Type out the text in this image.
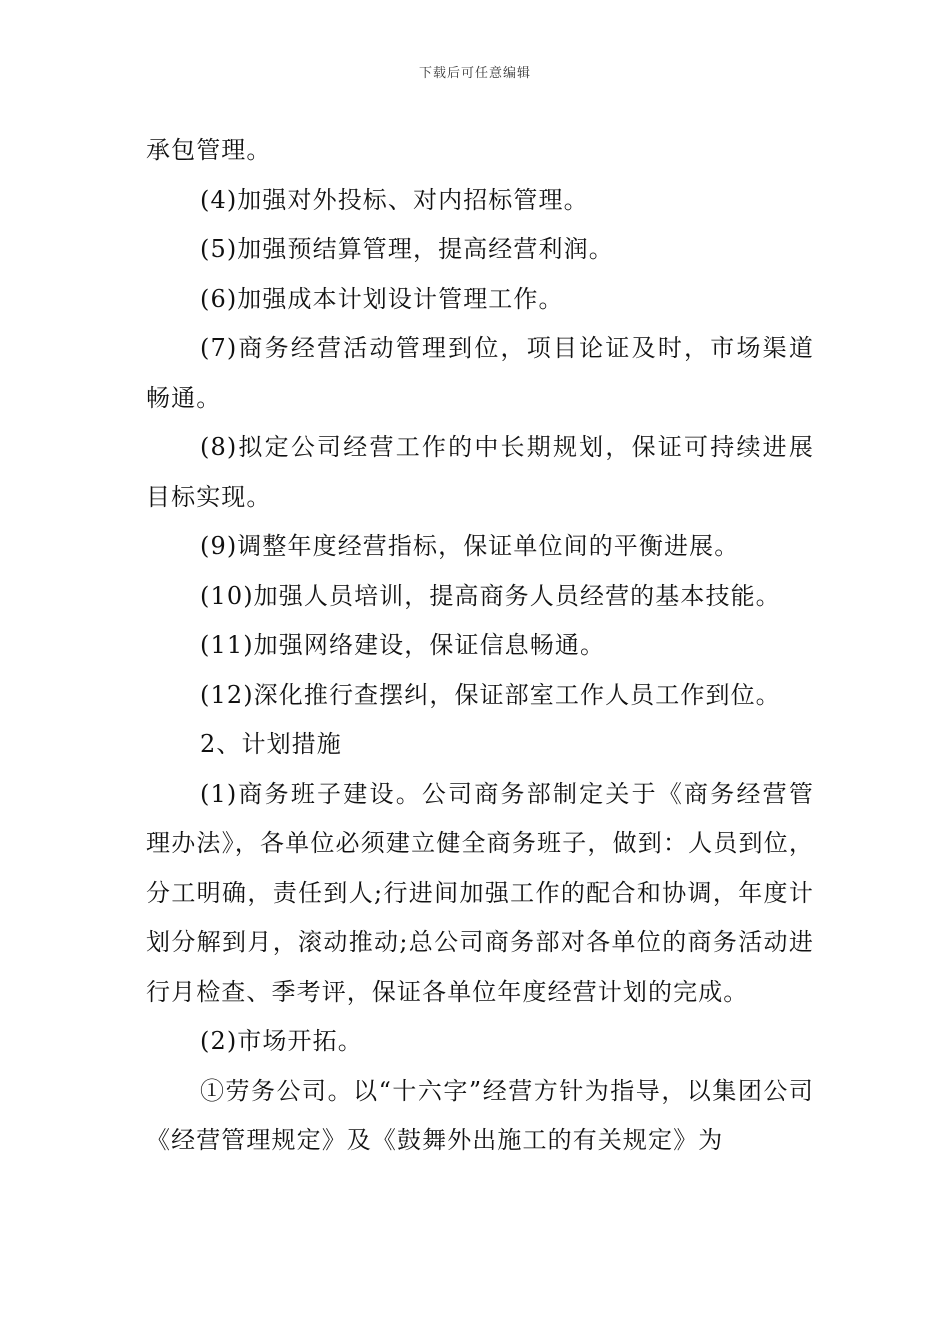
下载后可任意编辑

承包管理。

(4)加强对外投标、对内招标管理。

(5)加强预结算管理，提高经营利润。

(6)加强成本计划设计管理工作。

(7)商务经营活动管理到位，项目论证及时，市场渠道畅通。

(8)拟定公司经营工作的中长期规划，保证可持续进展目标实现。

(9)调整年度经营指标，保证单位间的平衡进展。

(10)加强人员培训，提高商务人员经营的基本技能。

(11)加强网络建设，保证信息畅通。

(12)深化推行查摆纠，保证部室工作人员工作到位。

2、计划措施

(1)商务班子建设。公司商务部制定关于《商务经营管理办法》，各单位必须建立健全商务班子，做到：人员到位，分工明确，责任到人;行进间加强工作的配合和协调，年度计划分解到月，滚动推动;总公司商务部对各单位的商务活动进行月检查、季考评，保证各单位年度经营计划的完成。

(2)市场开拓。

①劳务公司。以“十六字”经营方针为指导，以集团公司《经营管理规定》及《鼓舞外出施工的有关规定》为
